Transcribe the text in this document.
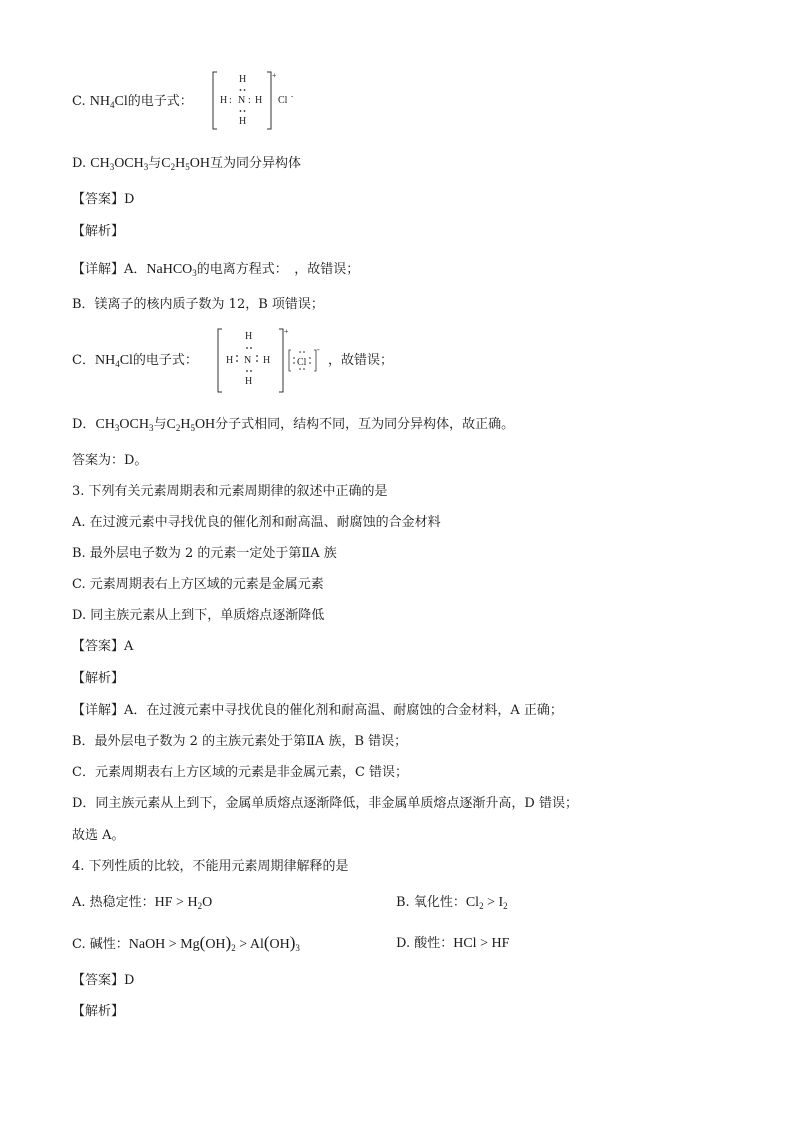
C. $NH_4Cl$的电子式：
H
H : N : H
H
+
Cl -
D. $CH_3OCH_3$与$C_2H_5OH$互为同分异构体
【答案】D
【解析】
【详解】A．NaHCO$_3$的电离方程式：　，故错误；
B．镁离子的核内质子数为 12，B 项错误；
C．$NH_4Cl$的电子式：
H
H N H
H
+
Cl
-
，故错误；
D．$CH_3OCH_3$与$C_2H_5OH$分子式相同，结构不同，互为同分异构体，故正确。
答案为：D。
3. 下列有关元素周期表和元素周期律的叙述中正确的是
A. 在过渡元素中寻找优良的催化剂和耐高温、耐腐蚀的合金材料
B. 最外层电子数为 2 的元素一定处于第ⅡA 族
C. 元素周期表右上方区域的元素是金属元素
D. 同主族元素从上到下，单质熔点逐渐降低
【答案】A
【解析】
【详解】A．在过渡元素中寻找优良的催化剂和耐高温、耐腐蚀的合金材料，A 正确；
B．最外层电子数为 2 的主族元素处于第ⅡA 族，B 错误；
C．元素周期表右上方区域的元素是非金属元素，C 错误；
D．同主族元素从上到下，金属单质熔点逐渐降低，非金属单质熔点逐渐升高，D 错误；
故选 A。
4. 下列性质的比较，不能用元素周期律解释的是
A. 热稳定性：HF > $H_2O$	B. 氧化性：$Cl_2 > I_2$
C. 碱性：NaOH > $Mg(OH)_2 > Al(OH)_3$	D. 酸性：HCl > HF
【答案】D
【解析】
